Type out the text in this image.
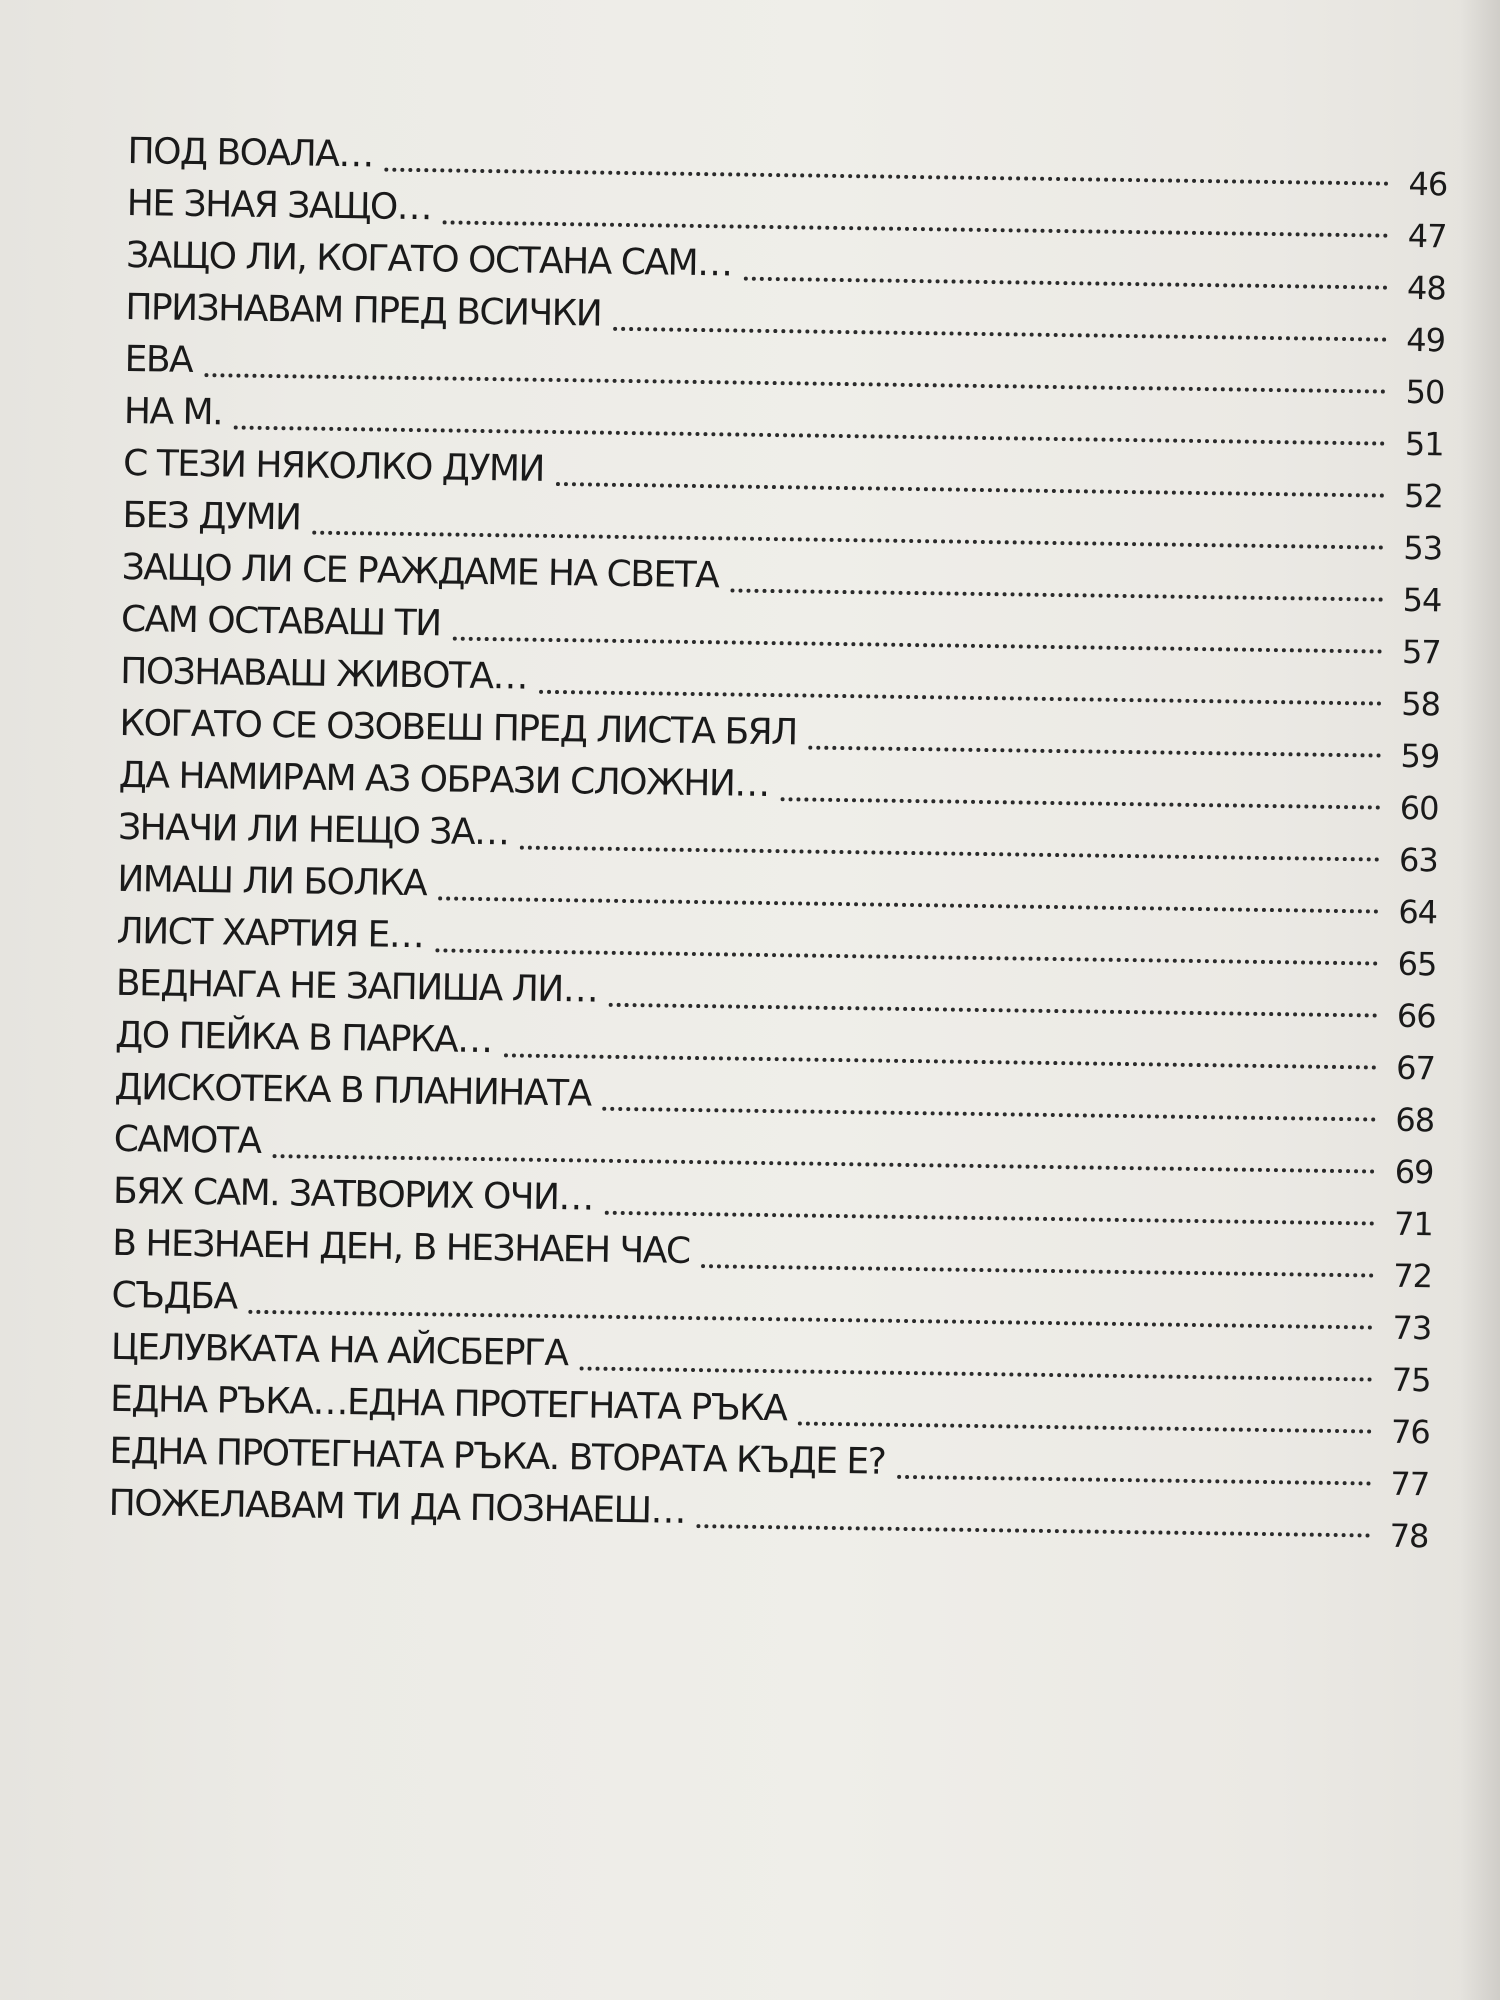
ПОД ВОАЛА…
46
НЕ ЗНАЯ ЗАЩО…
47
ЗАЩО ЛИ, КОГАТО ОСТАНА САМ…
48
ПРИЗНАВАМ ПРЕД ВСИЧКИ
49
ЕВА
50
НА М.
51
С ТЕЗИ НЯКОЛКО ДУМИ
52
БЕЗ ДУМИ
53
ЗАЩО ЛИ СЕ РАЖДАМЕ НА СВЕТА
54
САМ ОСТАВАШ ТИ
57
ПОЗНАВАШ ЖИВОТА…
58
КОГАТО СЕ ОЗОВЕШ ПРЕД ЛИСТА БЯЛ
59
ДА НАМИРАМ АЗ ОБРАЗИ СЛОЖНИ…
60
ЗНАЧИ ЛИ НЕЩО ЗА…
63
ИМАШ ЛИ БОЛКА
64
ЛИСТ ХАРТИЯ Е…
65
ВЕДНАГА НЕ ЗАПИША ЛИ…
66
ДО ПЕЙКА В ПАРКА…
67
ДИСКОТЕКА В ПЛАНИНАТА
68
САМОТА
69
БЯХ САМ. ЗАТВОРИХ ОЧИ…
71
В НЕЗНАЕН ДЕН, В НЕЗНАЕН ЧАС
72
СЪДБА
73
ЦЕЛУВКАТА НА АЙСБЕРГА
75
ЕДНА РЪКА…ЕДНА ПРОТЕГНАТА РЪКА
76
ЕДНА ПРОТЕГНАТА РЪКА. ВТОРАТА КЪДЕ Е?
77
ПОЖЕЛАВАМ ТИ ДА ПОЗНАЕШ…
78
